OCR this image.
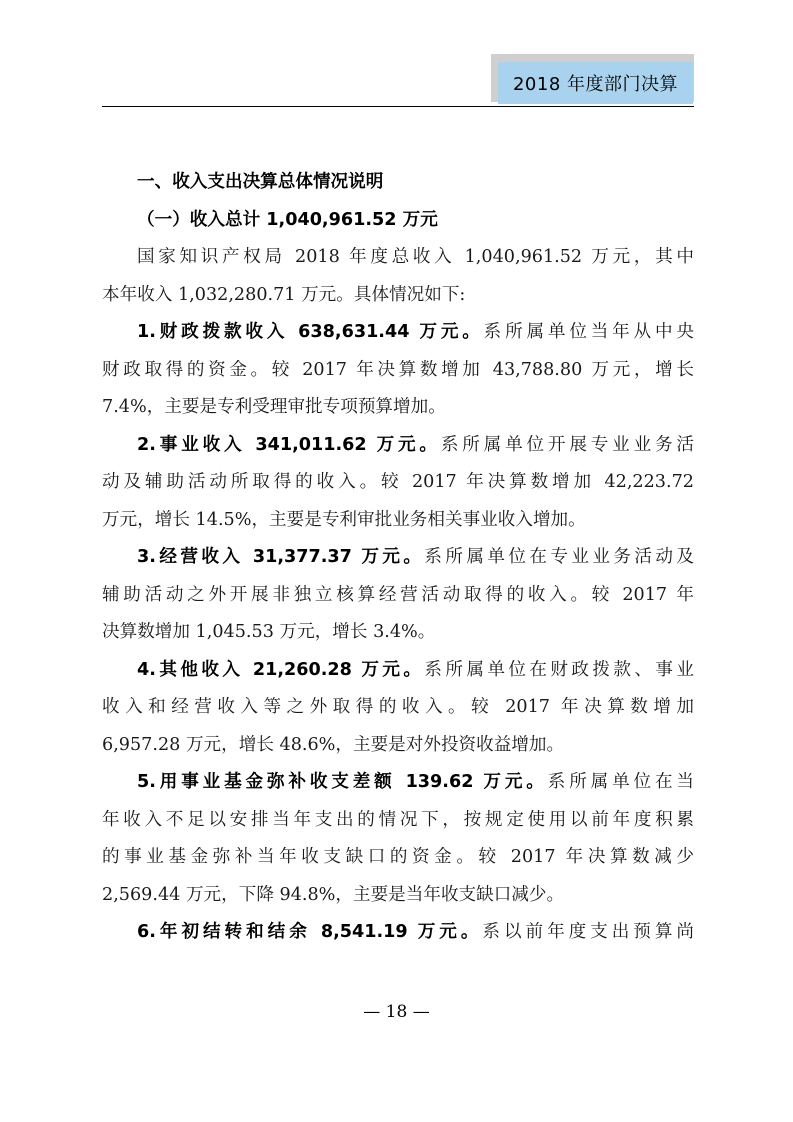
2018 年度部门决算

一、收入支出决算总体情况说明

（一）收入总计 1,040,961.52 万元

国家知识产权局 2018 年度总收入 1,040,961.52 万元，其中

本年收入 1,032,280.71 万元。具体情况如下:

1.财政拨款收入 638,631.44 万元。系所属单位当年从中央

财政取得的资金。较 2017 年决算数增加 43,788.80 万元，增长

7.4%，主要是专利受理审批专项预算增加。

2.事业收入 341,011.62 万元。系所属单位开展专业业务活

动及辅助活动所取得的收入。较 2017 年决算数增加 42,223.72

万元，增长 14.5%，主要是专利审批业务相关事业收入增加。

3.经营收入 31,377.37 万元。系所属单位在专业业务活动及

辅助活动之外开展非独立核算经营活动取得的收入。较 2017 年

决算数增加 1,045.53 万元，增长 3.4%。

4.其他收入 21,260.28 万元。系所属单位在财政拨款、事业

收入和经营收入等之外取得的收入。较 2017 年决算数增加

6,957.28 万元，增长 48.6%，主要是对外投资收益增加。

5.用事业基金弥补收支差额 139.62 万元。系所属单位在当

年收入不足以安排当年支出的情况下，按规定使用以前年度积累

的事业基金弥补当年收支缺口的资金。较 2017 年决算数减少

2,569.44 万元，下降 94.8%，主要是当年收支缺口减少。

6.年初结转和结余 8,541.19 万元。系以前年度支出预算尚

— 18 —
